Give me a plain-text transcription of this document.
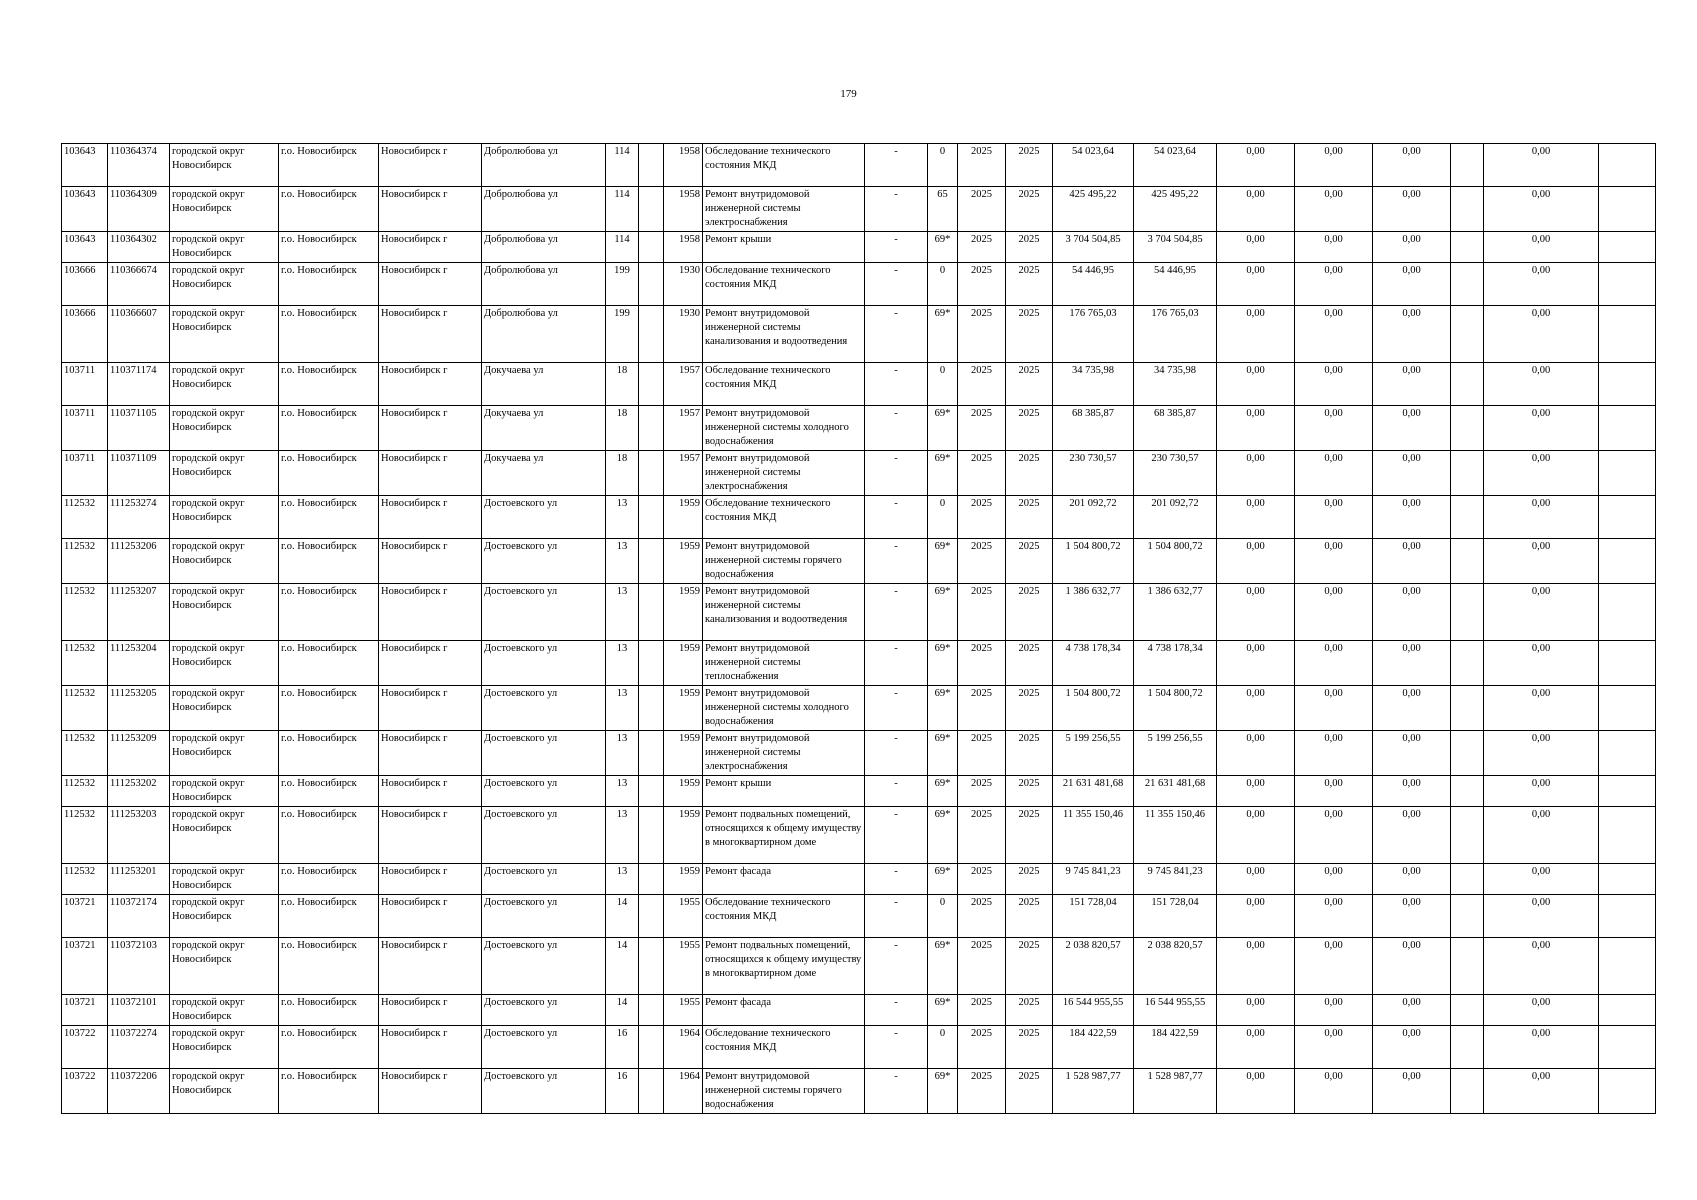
179
103643	110364374	городской округ Новосибирск	г.о. Новосибирск	Новосибирск г	Добролюбова ул	114		1958	Обследование технического состояния МКД	-	0	2025	2025	54 023,64	54 023,64	0,00	0,00	0,00		0,00	
103643	110364309	городской округ Новосибирск	г.о. Новосибирск	Новосибирск г	Добролюбова ул	114		1958	Ремонт внутридомовой инженерной системы электроснабжения	-	65	2025	2025	425 495,22	425 495,22	0,00	0,00	0,00		0,00	
103643	110364302	городской округ Новосибирск	г.о. Новосибирск	Новосибирск г	Добролюбова ул	114		1958	Ремонт крыши	-	69*	2025	2025	3 704 504,85	3 704 504,85	0,00	0,00	0,00		0,00	
103666	110366674	городской округ Новосибирск	г.о. Новосибирск	Новосибирск г	Добролюбова ул	199		1930	Обследование технического состояния МКД	-	0	2025	2025	54 446,95	54 446,95	0,00	0,00	0,00		0,00	
103666	110366607	городской округ Новосибирск	г.о. Новосибирск	Новосибирск г	Добролюбова ул	199		1930	Ремонт внутридомовой инженерной системы канализования и водоотведения	-	69*	2025	2025	176 765,03	176 765,03	0,00	0,00	0,00		0,00	
103711	110371174	городской округ Новосибирск	г.о. Новосибирск	Новосибирск г	Докучаева ул	18		1957	Обследование технического состояния МКД	-	0	2025	2025	34 735,98	34 735,98	0,00	0,00	0,00		0,00	
103711	110371105	городской округ Новосибирск	г.о. Новосибирск	Новосибирск г	Докучаева ул	18		1957	Ремонт внутридомовой инженерной системы холодного водоснабжения	-	69*	2025	2025	68 385,87	68 385,87	0,00	0,00	0,00		0,00	
103711	110371109	городской округ Новосибирск	г.о. Новосибирск	Новосибирск г	Докучаева ул	18		1957	Ремонт внутридомовой инженерной системы электроснабжения	-	69*	2025	2025	230 730,57	230 730,57	0,00	0,00	0,00		0,00	
112532	111253274	городской округ Новосибирск	г.о. Новосибирск	Новосибирск г	Достоевского ул	13		1959	Обследование технического состояния МКД	-	0	2025	2025	201 092,72	201 092,72	0,00	0,00	0,00		0,00	
112532	111253206	городской округ Новосибирск	г.о. Новосибирск	Новосибирск г	Достоевского ул	13		1959	Ремонт внутридомовой инженерной системы горячего водоснабжения	-	69*	2025	2025	1 504 800,72	1 504 800,72	0,00	0,00	0,00		0,00	
112532	111253207	городской округ Новосибирск	г.о. Новосибирск	Новосибирск г	Достоевского ул	13		1959	Ремонт внутридомовой инженерной системы канализования и водоотведения	-	69*	2025	2025	1 386 632,77	1 386 632,77	0,00	0,00	0,00		0,00	
112532	111253204	городской округ Новосибирск	г.о. Новосибирск	Новосибирск г	Достоевского ул	13		1959	Ремонт внутридомовой инженерной системы теплоснабжения	-	69*	2025	2025	4 738 178,34	4 738 178,34	0,00	0,00	0,00		0,00	
112532	111253205	городской округ Новосибирск	г.о. Новосибирск	Новосибирск г	Достоевского ул	13		1959	Ремонт внутридомовой инженерной системы холодного водоснабжения	-	69*	2025	2025	1 504 800,72	1 504 800,72	0,00	0,00	0,00		0,00	
112532	111253209	городской округ Новосибирск	г.о. Новосибирск	Новосибирск г	Достоевского ул	13		1959	Ремонт внутридомовой инженерной системы электроснабжения	-	69*	2025	2025	5 199 256,55	5 199 256,55	0,00	0,00	0,00		0,00	
112532	111253202	городской округ Новосибирск	г.о. Новосибирск	Новосибирск г	Достоевского ул	13		1959	Ремонт крыши	-	69*	2025	2025	21 631 481,68	21 631 481,68	0,00	0,00	0,00		0,00	
112532	111253203	городской округ Новосибирск	г.о. Новосибирск	Новосибирск г	Достоевского ул	13		1959	Ремонт подвальных помещений, относящихся к общему имуществу в многоквартирном доме	-	69*	2025	2025	11 355 150,46	11 355 150,46	0,00	0,00	0,00		0,00	
112532	111253201	городской округ Новосибирск	г.о. Новосибирск	Новосибирск г	Достоевского ул	13		1959	Ремонт фасада	-	69*	2025	2025	9 745 841,23	9 745 841,23	0,00	0,00	0,00		0,00	
103721	110372174	городской округ Новосибирск	г.о. Новосибирск	Новосибирск г	Достоевского ул	14		1955	Обследование технического состояния МКД	-	0	2025	2025	151 728,04	151 728,04	0,00	0,00	0,00		0,00	
103721	110372103	городской округ Новосибирск	г.о. Новосибирск	Новосибирск г	Достоевского ул	14		1955	Ремонт подвальных помещений, относящихся к общему имуществу в многоквартирном доме	-	69*	2025	2025	2 038 820,57	2 038 820,57	0,00	0,00	0,00		0,00	
103721	110372101	городской округ Новосибирск	г.о. Новосибирск	Новосибирск г	Достоевского ул	14		1955	Ремонт фасада	-	69*	2025	2025	16 544 955,55	16 544 955,55	0,00	0,00	0,00		0,00	
103722	110372274	городской округ Новосибирск	г.о. Новосибирск	Новосибирск г	Достоевского ул	16		1964	Обследование технического состояния МКД	-	0	2025	2025	184 422,59	184 422,59	0,00	0,00	0,00		0,00	
103722	110372206	городской округ Новосибирск	г.о. Новосибирск	Новосибирск г	Достоевского ул	16		1964	Ремонт внутридомовой инженерной системы горячего водоснабжения	-	69*	2025	2025	1 528 987,77	1 528 987,77	0,00	0,00	0,00		0,00	
